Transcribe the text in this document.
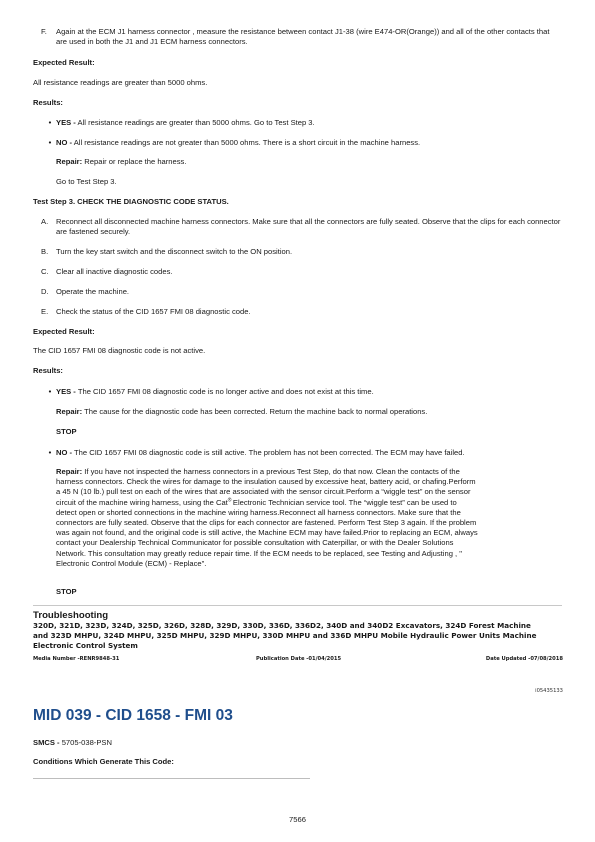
F.	Again at the ECM J1 harness connector , measure the resistance between contact J1-38 (wire E474-OR(Orange)) and all of the other contacts that are used in both the J1 and J1 ECM harness connectors.
Expected Result:
All resistance readings are greater than 5000 ohms.
Results:
• YES - All resistance readings are greater than 5000 ohms. Go to Test Step 3.
• NO - All resistance readings are not greater than 5000 ohms. There is a short circuit in the machine harness.
Repair: Repair or replace the harness.
Go to Test Step 3.
Test Step 3. CHECK THE DIAGNOSTIC CODE STATUS.
A.	Reconnect all disconnected machine harness connectors. Make sure that all the connectors are fully seated. Observe that the clips for each connector are fastened securely.
B.	Turn the key start switch and the disconnect switch to the ON position.
C. Clear all inactive diagnostic codes.
D. Operate the machine.
E.	Check the status of the CID 1657 FMI 08 diagnostic code.
Expected Result:
The CID 1657 FMI 08 diagnostic code is not active.
Results:
• YES - The CID 1657 FMI 08 diagnostic code is no longer active and does not exist at this time.
Repair: The cause for the diagnostic code has been corrected. Return the machine back to normal operations.
STOP
• NO - The CID 1657 FMI 08 diagnostic code is still active. The problem has not been corrected. The ECM may have failed.
Repair: If you have not inspected the harness connectors in a previous Test Step, do that now. Clean the contacts of the
harness connectors. Check the wires for damage to the insulation caused by excessive heat, battery acid, or chafing.Perform
a 45 N (10 lb.) pull test on each of the wires that are associated with the sensor circuit.Perform a “wiggle test” on the sensor
circuit of the machine wiring harness, using the Cat® Electronic Technician service tool. The “wiggle test” can be used to
detect open or shorted connections in the machine wiring harness.Reconnect all harness connectors. Make sure that the
connectors are fully seated. Observe that the clips for each connector are fastened. Perform Test Step 3 again. If the problem
was again not found, and the original code is still active, the Machine ECM may have failed.Prior to replacing an ECM, always
contact your Dealership Technical Communicator for possible consultation with Caterpillar, or with the Dealer Solutions
Network. This consultation may greatly reduce repair time. If the ECM needs to be replaced, see Testing and Adjusting , "
Electronic Control Module (ECM) - Replace".
STOP
Troubleshooting
320D, 321D, 323D, 324D, 325D, 326D, 328D, 329D, 330D, 336D, 336D2, 340D and 340D2 Excavators, 324D Forest Machine
and 323D MHPU, 324D MHPU, 325D MHPU, 329D MHPU, 330D MHPU and 336D MHPU Mobile Hydraulic Power Units Machine
Electronic Control System
Media Number -RENR9848-31	Publication Date -01/04/2015	Date Updated -07/08/2018
i05435133
MID 039 - CID 1658 - FMI 03
SMCS - 5705-038-PSN
Conditions Which Generate This Code:
7566
